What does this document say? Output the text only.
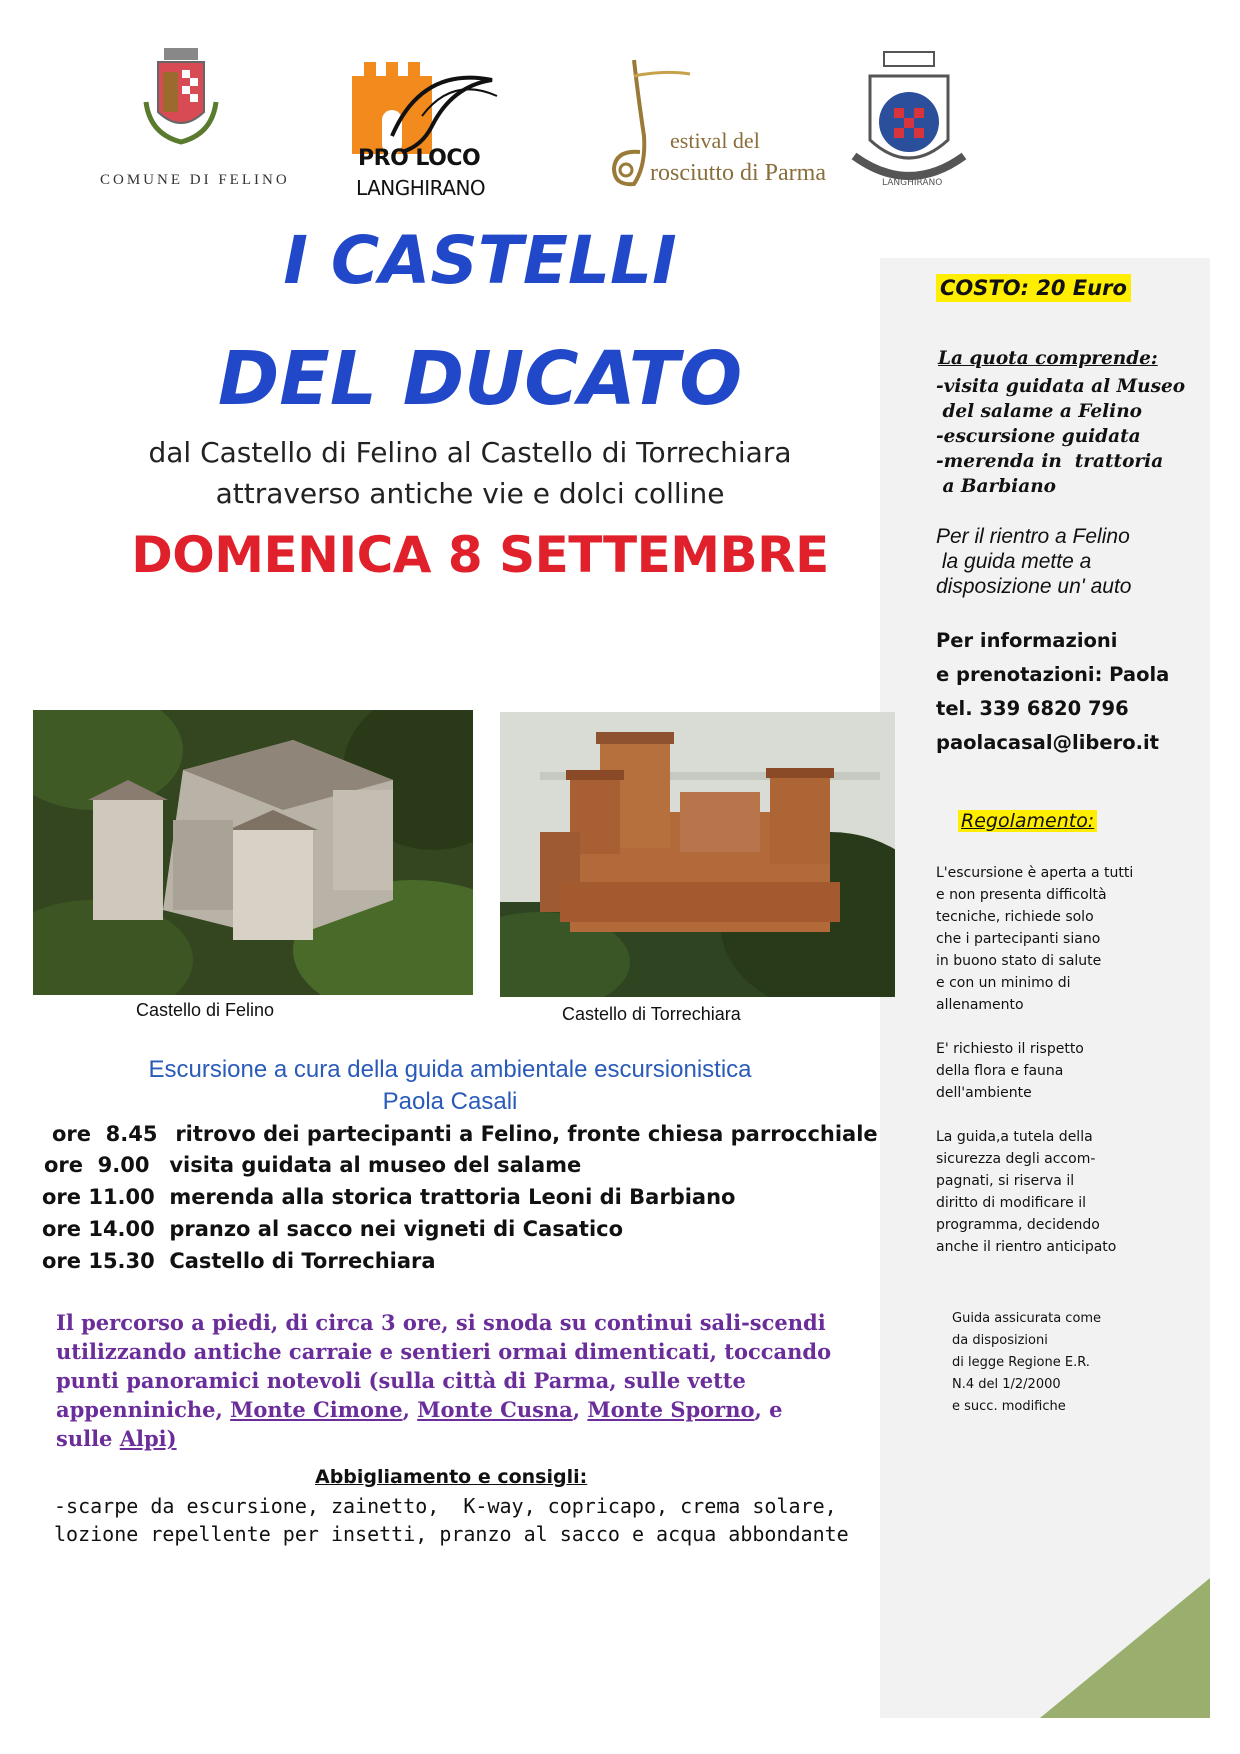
COMUNE DI FELINO
PRO LOCO
LANGHIRANO
estival del
rosciutto di Parma	LANGHIRANO
I CASTELLI
DEL DUCATO
dal Castello di Felino al Castello di Torrechiara
attraverso antiche vie e dolci colline
DOMENICA 8 SETTEMBRE
COSTO: 20 Euro
La quota comprende:
-visita guidata al Museo
del salame a Felino
-escursione guidata
-merenda in  trattoria
a Barbiano
Per il rientro a Felino
la guida mette a
disposizione un' auto
Per informazioni
e prenotazioni: Paola
tel. 339 6820 796
paolacasal@libero.it
Regolamento:
L'escursione è aperta a tutti
e non presenta difficoltà
tecniche, richiede solo
che i partecipanti siano
in buono stato di salute
e con un minimo di
allenamento
E' richiesto il rispetto
della flora e fauna
dell'ambiente
La guida,a tutela della
sicurezza degli accom-
pagnati, si riserva il
diritto di modificare il
programma, decidendo
anche il rientro anticipato
Guida assicurata come
da disposizioni
di legge Regione E.R.
N.4 del 1/2/2000
e succ. modifiche
Castello di Felino	Castello di Torrechiara
Escursione a cura della guida ambientale escursionistica
Paola Casali
ore  8.45 ritrovo dei partecipanti a Felino, fronte chiesa parrocchiale
ore  9.00 visita guidata al museo del salame
ore 11.00 merenda alla storica trattoria Leoni di Barbiano
ore 14.00 pranzo al sacco nei vigneti di Casatico
ore 15.30 Castello di Torrechiara
Il percorso a piedi, di circa 3 ore, si snoda su continui sali-scendi
utilizzando antiche carraie e sentieri ormai dimenticati, toccando
punti panoramici notevoli (sulla città di Parma, sulle vette
appenniniche, Monte Cimone, Monte Cusna, Monte Sporno, e
sulle Alpi)
Abbigliamento e consigli:
-scarpe da escursione, zainetto,  K-way, copricapo, crema solare,
lozione repellente per insetti, pranzo al sacco e acqua abbondante
